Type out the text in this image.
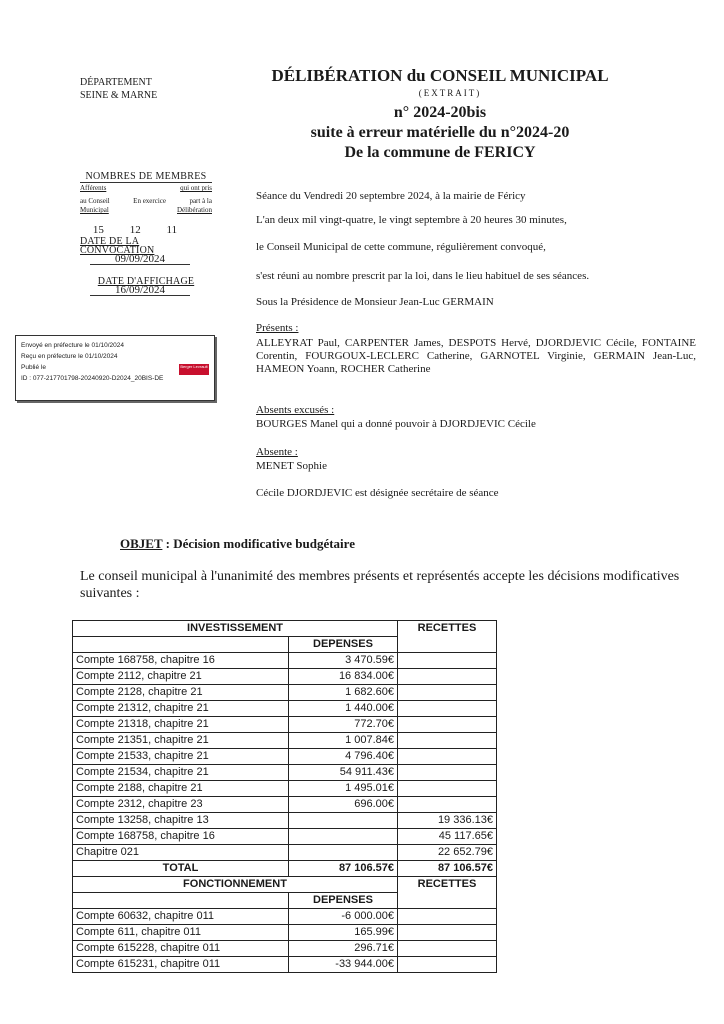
DÉPARTEMENT
SEINE & MARNE
DÉLIBÉRATION du CONSEIL MUNICIPAL
(EXTRAIT)
n° 2024-20bis
suite à erreur matérielle du n°2024-20
De la commune de FERICY
NOMBRES DE MEMBRES
Afférents	qui ont pris
au Conseil	En exercice	part à la
Municipal	Délibération
15 12 11
DATE DE LA CONVOCATION
09/09/2024
DATE D'AFFICHAGE
16/09/2024
Envoyé en préfecture le 01/10/2024
Reçu en préfecture le 01/10/2024
Publié le
ID : 077-217701798-20240920-D2024_20BIS-DE
Berger Levrault
Séance du Vendredi 20 septembre 2024, à la mairie de Féricy
L'an deux mil vingt-quatre, le vingt septembre à 20 heures 30 minutes,
le Conseil Municipal de cette commune, régulièrement convoqué,
s'est réuni au nombre prescrit par la loi, dans le lieu habituel de ses séances.
Sous la Présidence de Monsieur Jean-Luc GERMAIN
Présents :
ALLEYRAT Paul, CARPENTER James, DESPOTS Hervé, DJORDJEVIC Cécile, FONTAINE Corentin, FOURGOUX-LECLERC Catherine, GARNOTEL Virginie, GERMAIN Jean-Luc, HAMEON Yoann, ROCHER Catherine
Absents excusés :
BOURGES Manel qui a donné pouvoir à DJORDJEVIC Cécile
Absente :
MENET Sophie
Cécile DJORDJEVIC est désignée secrétaire de séance
OBJET : Décision modificative budgétaire
Le conseil municipal à l'unanimité des membres présents et représentés accepte les décisions modificatives suivantes :
INVESTISSEMENT		RECETTES
	DEPENSES	
Compte 168758, chapitre 16	3 470.59€	
Compte 2112, chapitre 21	16 834.00€	
Compte 2128, chapitre 21	1 682.60€	
Compte 21312, chapitre 21	1 440.00€	
Compte 21318, chapitre 21	772.70€	
Compte 21351, chapitre 21	1 007.84€	
Compte 21533, chapitre 21	4 796.40€	
Compte 21534, chapitre 21	54 911.43€	
Compte 2188, chapitre 21	1 495.01€	
Compte 2312, chapitre 23	696.00€	
Compte 13258, chapitre 13		19 336.13€
Compte 168758, chapitre 16		45 117.65€
Chapitre 021		22 652.79€
TOTAL	87 106.57€	87 106.57€
FONCTIONNEMENT		RECETTES
	DEPENSES	
Compte 60632, chapitre 011	-6 000.00€	
Compte 611, chapitre 011	165.99€	
Compte 615228, chapitre 011	296.71€	
Compte 615231, chapitre 011	-33 944.00€	
